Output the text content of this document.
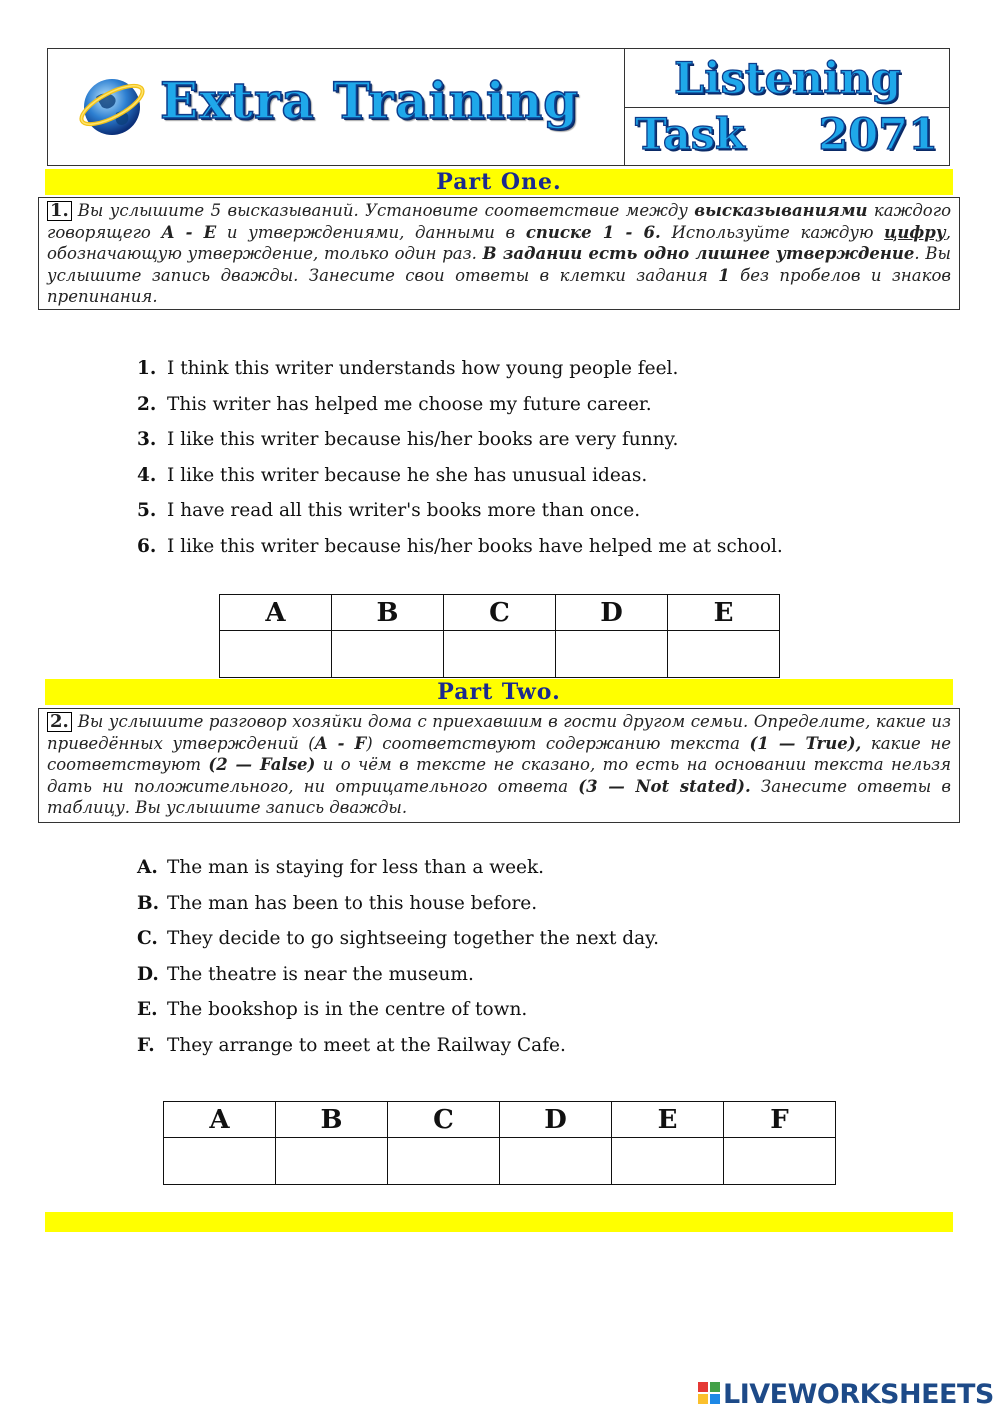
Extra Training	Listening
Task 2071
Part One.
1. Вы услышите 5 высказываний. Установите соответствие между высказываниями каждого говорящего A - E и утверждениями, данными в списке 1 - 6. Используйте каждую цифру, обозначающую утверждение, только один раз. В задании есть одно лишнее утверждение. Вы услышите запись дважды. Занесите свои ответы в клетки задания 1 без пробелов и знаков препинания.
1. I think this writer understands how young people feel.
2. This writer has helped me choose my future career.
3. I like this writer because his/her books are very funny.
4. I like this writer because he she has unusual ideas.
5. I have read all this writer's books more than once.
6. I like this writer because his/her books have helped me at school.
A	B	C	D	E

Part Two.
2. Вы услышите разговор хозяйки дома с приехавшим в гости другом семьи. Определите, какие из приведённых утверждений (A - F) соответствуют содержанию текста (1 — True), какие не соответствуют (2 — False) и о чём в тексте не сказано, то есть на основании текста нельзя дать ни положительного, ни отрицательного ответа (3 — Not stated). Занесите ответы в таблицу. Вы услышите запись дважды.
A. The man is staying for less than a week.
B. The man has been to this house before.
C. They decide to go sightseeing together the next day.
D. The theatre is near the museum.
E. The bookshop is in the centre of town.
F. They arrange to meet at the Railway Cafe.
A	B	C	D	E	F

LIVEWORKSHEETS
